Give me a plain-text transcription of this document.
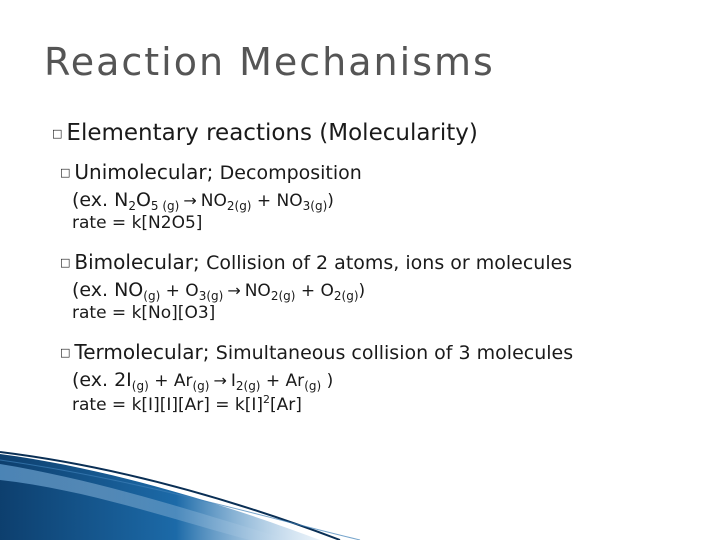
Reaction Mechanisms
□ Elementary reactions (Molecularity)
□ Unimolecular; Decomposition
(ex. $N_2O_{5 (g)} \to NO_{2(g)} + NO_{3(g)}$)
rate = k[N2O5]
□ Bimolecular; Collision of 2 atoms, ions or molecules
(ex. $NO_{(g)} + O_{3(g)} \to NO_{2(g)} + O_{2(g)}$)
rate = k[No][O3]
□ Termolecular; Simultaneous collision of 3 molecules
(ex. $2I_{(g)} + Ar_{(g)} \to I_{2(g)} + Ar_{(g)}$ )
rate = $k[I][I][Ar] = k[I]^2[Ar]$
